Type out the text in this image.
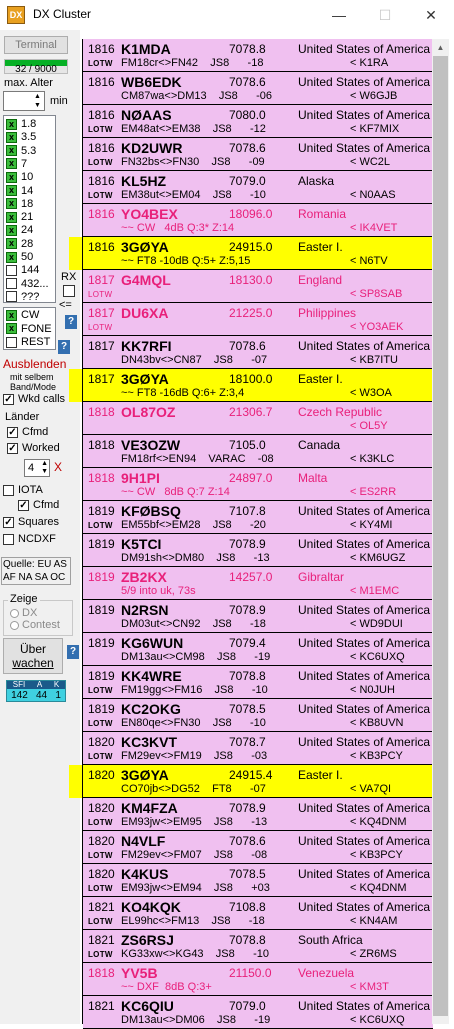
DX DX Cluster	—	☐	✕
Terminal
32 / 9000
max. Alter
▲
▼ min
x1.8
x3.5
x5.3
x7
x10
x14
x18
x21
x24
x28
x50
144
432...
???
RX
<=
?
xCW
xFONE
REST ?
Ausblenden
mit selbem
Band/Mode
✓Wkd calls
Länder
✓Cfmd
✓Worked
4 ▲
▼ X
IOTA
✓Cfmd
✓Squares
NCDXF
Quelle: EU AS
AF NA SA OC
Zeige
DX
Contest
Über
wachen
?
SFI A K
142 44 1
1816 K1MDA	7078.8	United States of America
LOTW FM18cr<>FN42    JS8      -18	< K1RA
1816 WB6EDK	7078.6	United States of America
CM87wa<>DM13    JS8      -06	< W6GJB
1816 NØAAS	7080.0	United States of America
LOTW EM48at<>EM38    JS8      -12	< KF7MIX
1816 KD2UWR	7078.6	United States of America
LOTW FN32bs<>FN30    JS8      -09	< WC2L
1816 KL5HZ	7079.0	Alaska
LOTW EM38ut<>EM04    JS8      -10	< N0AAS
1816 YO4BEX	18096.0 Romania
~~ CW   4dB Q:3* Z:14	< IK4VET
1816 3GØYA	24915.0 Easter I.
~~ FT8 -10dB Q:5+ Z:5,15	< N6TV
1817 G4MQL	18130.0 England
LOTW	< SP8SAB
1817 DU6XA	21225.0 Philippines
LOTW	< YO3AEK
1817 KK7RFI	7078.6	United States of America
DN43bv<>CN87    JS8      -07	< KB7ITU
1817 3GØYA	18100.0 Easter I.
~~ FT8 -16dB Q:6+ Z:3,4	< W3OA
1818 OL87OZ	21306.7 Czech Republic
< OL5Y
1818 VE3OZW	7105.0	Canada
FM18rf<>EN94    VARAC    -08	< K3KLC
1818 9H1PI	24897.0 Malta
~~ CW   8dB Q:7 Z:14	< ES2RR
1819 KFØBSQ	7107.8	United States of America
LOTW EM55bf<>EM28    JS8      -20	< KY4MI
1819 K5TCI	7078.9	United States of America
DM91sh<>DM80    JS8      -13	< KM6UGZ
1819 ZB2KX	14257.0 Gibraltar
5/9 into uk, 73s	< M1EMC
1819 N2RSN	7078.9	United States of America
DM03ut<>CN92    JS8      -18	< WD9DUI
1819 KG6WUN	7079.4	United States of America
DM13au<>CM98    JS8      -19	< KC6UXQ
1819 KK4WRE	7078.8	United States of America
LOTW FM19gg<>FM16    JS8      -10	< N0JUH
1819 KC2OKG	7078.5	United States of America
LOTW EN80qe<>FN30    JS8      -10	< KB8UVN
1820 KC3KVT	7078.7	United States of America
LOTW FM29ev<>FM19    JS8      -03	< KB3PCY
1820 3GØYA	24915.4 Easter I.
CO70jb<>DG52    FT8      -07	< VA7QI
1820 KM4FZA	7078.9	United States of America
LOTW EM93jw<>EM95    JS8      -13	< KQ4DNM
1820 N4VLF	7078.6	United States of America
LOTW FM29ev<>FM07    JS8      -08	< KB3PCY
1820 K4KUS	7078.5	United States of America
LOTW EM93jw<>EM94    JS8      +03	< KQ4DNM
1821 KO4KQK	7108.8	United States of America
LOTW EL99hc<>FM13    JS8      -18	< KN4AM
1821 ZS6RSJ	7078.8	South Africa
LOTW KG33xw<>KG43    JS8      -10	< ZR6MS
1818 YV5B	21150.0 Venezuela
~~ DXF  8dB Q:3+	< KM3T
1821 KC6QIU	7079.0	United States of America
DM13au<>DM06    JS8      -19	< KC6UXQ
▲
